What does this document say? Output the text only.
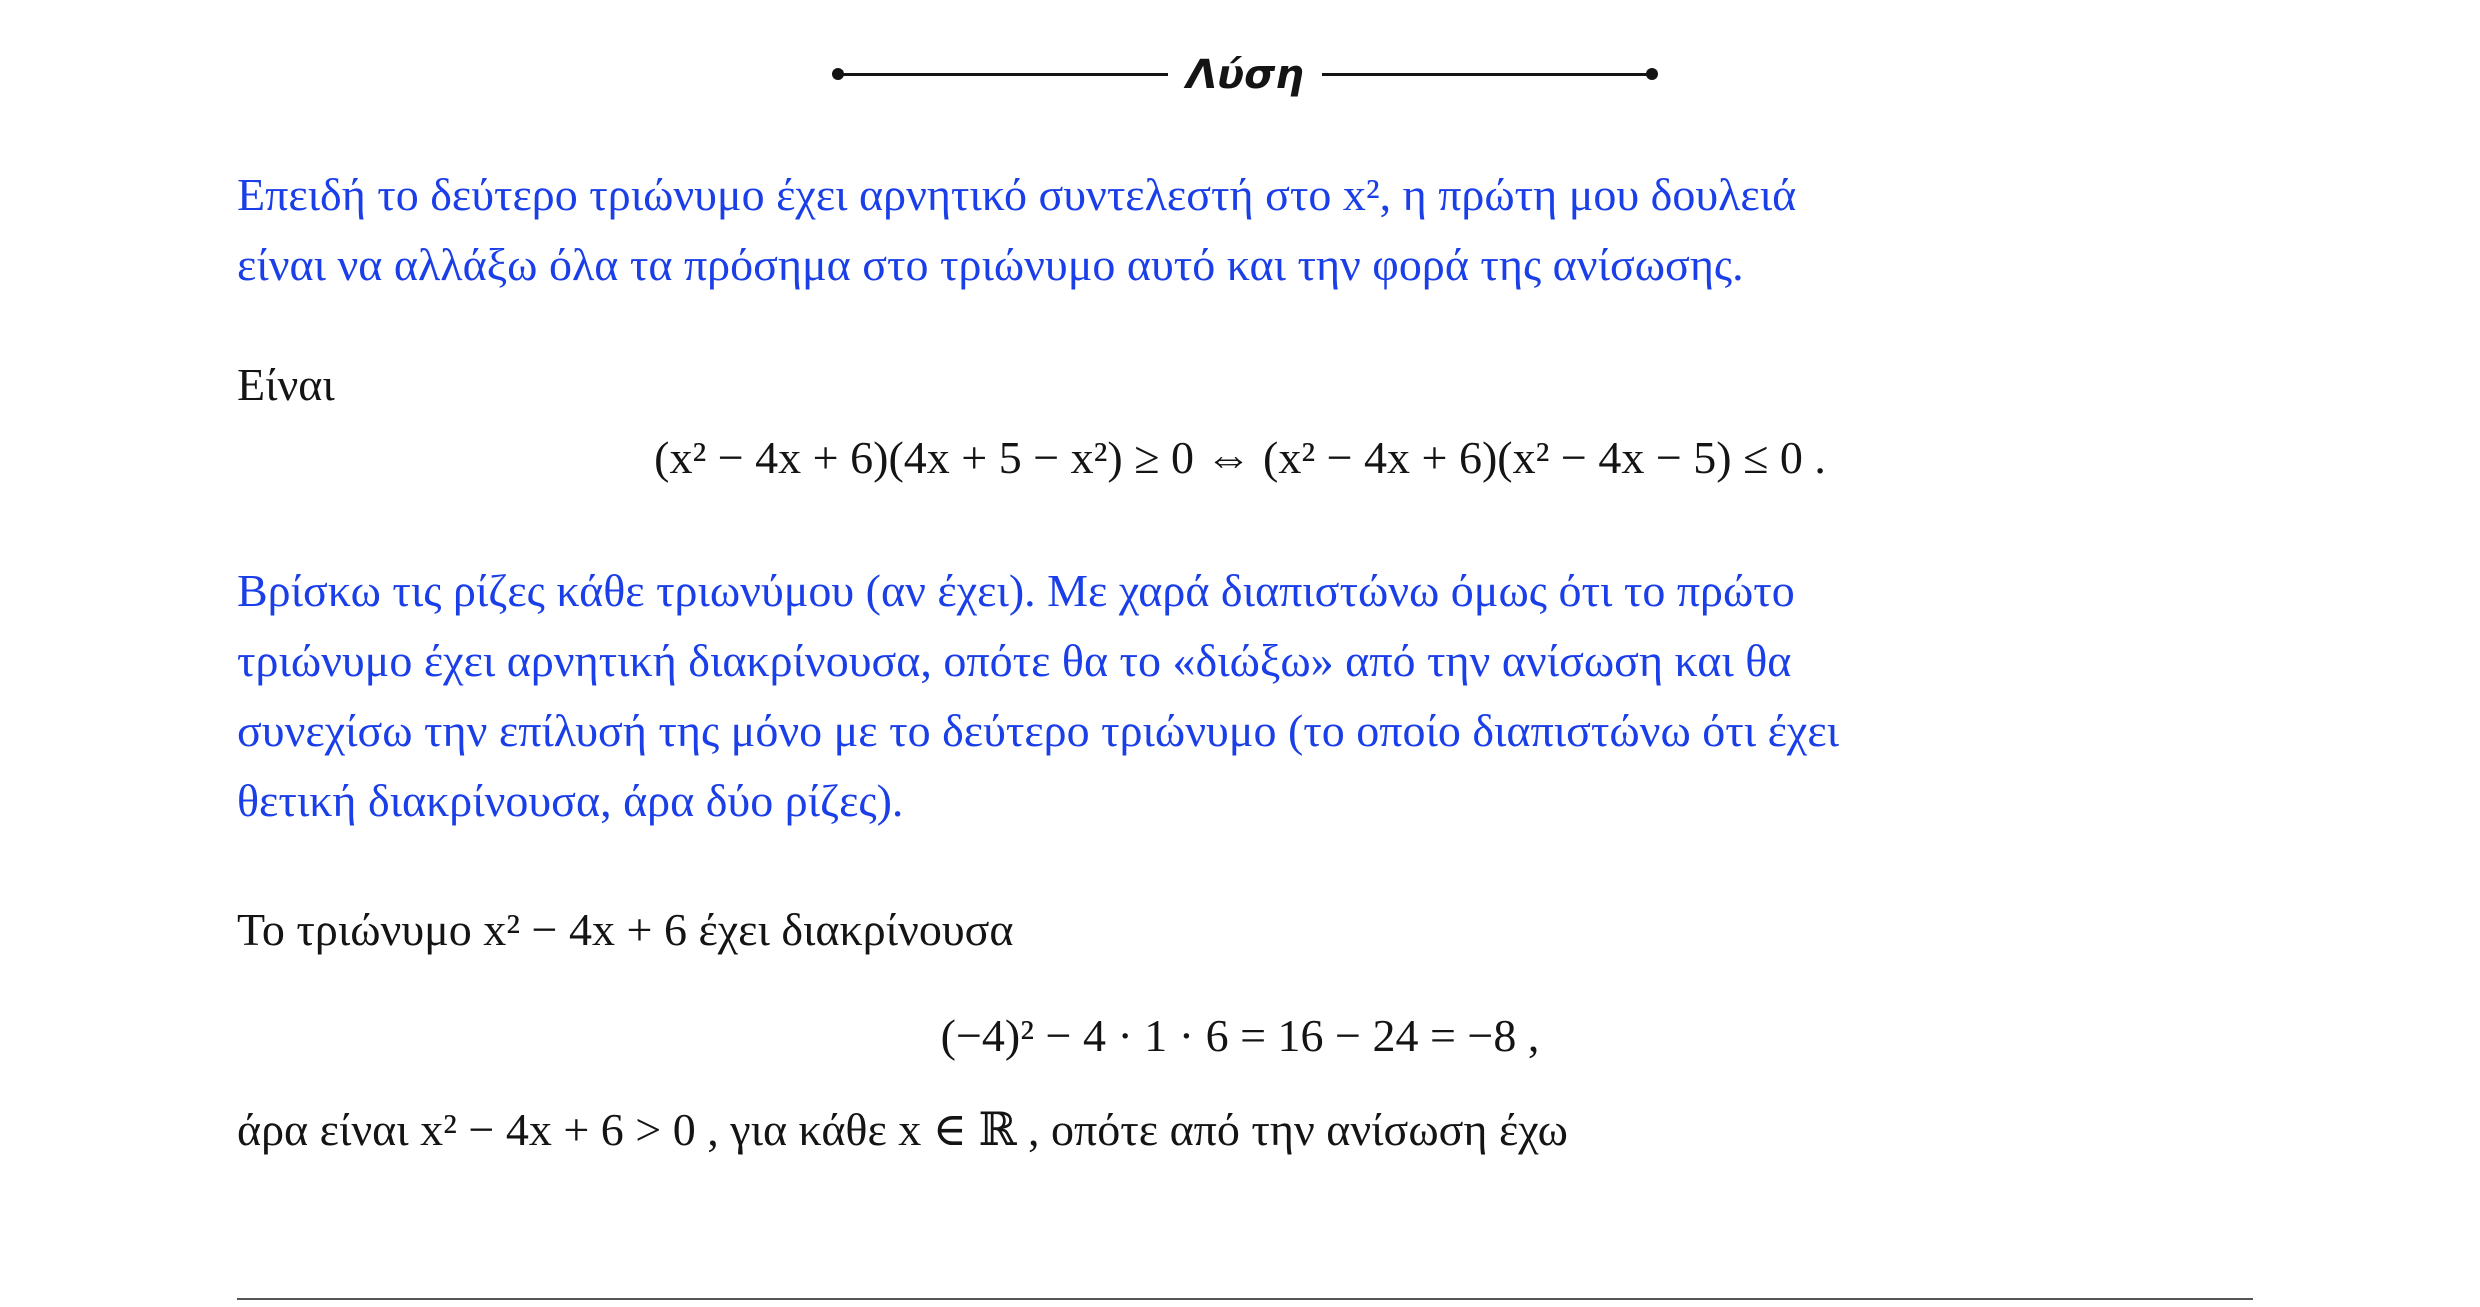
Λύση
Επειδή το δεύτερο τριώνυμο έχει αρνητικό συντελεστή στο x², η πρώτη μου δουλειά
είναι να αλλάξω όλα τα πρόσημα στο τριώνυμο αυτό και την φορά της ανίσωσης.
Είναι
(x² − 4x + 6)(4x + 5 − x²) ≥ 0 ⇔ (x² − 4x + 6)(x² − 4x − 5) ≤ 0 .
Βρίσκω τις ρίζες κάθε τριωνύμου (αν έχει). Με χαρά διαπιστώνω όμως ότι το πρώτο
τριώνυμο έχει αρνητική διακρίνουσα, οπότε θα το «διώξω» από την ανίσωση και θα
συνεχίσω την επίλυσή της μόνο με το δεύτερο τριώνυμο (το οποίο διαπιστώνω ότι έχει
θετική διακρίνουσα, άρα δύο ρίζες).
Το τριώνυμο x² − 4x + 6 έχει διακρίνουσα
(−4)² − 4 · 1 · 6 = 16 − 24 = −8 ,
άρα είναι x² − 4x + 6 > 0 , για κάθε x ∈ ℝ , οπότε από την ανίσωση έχω
